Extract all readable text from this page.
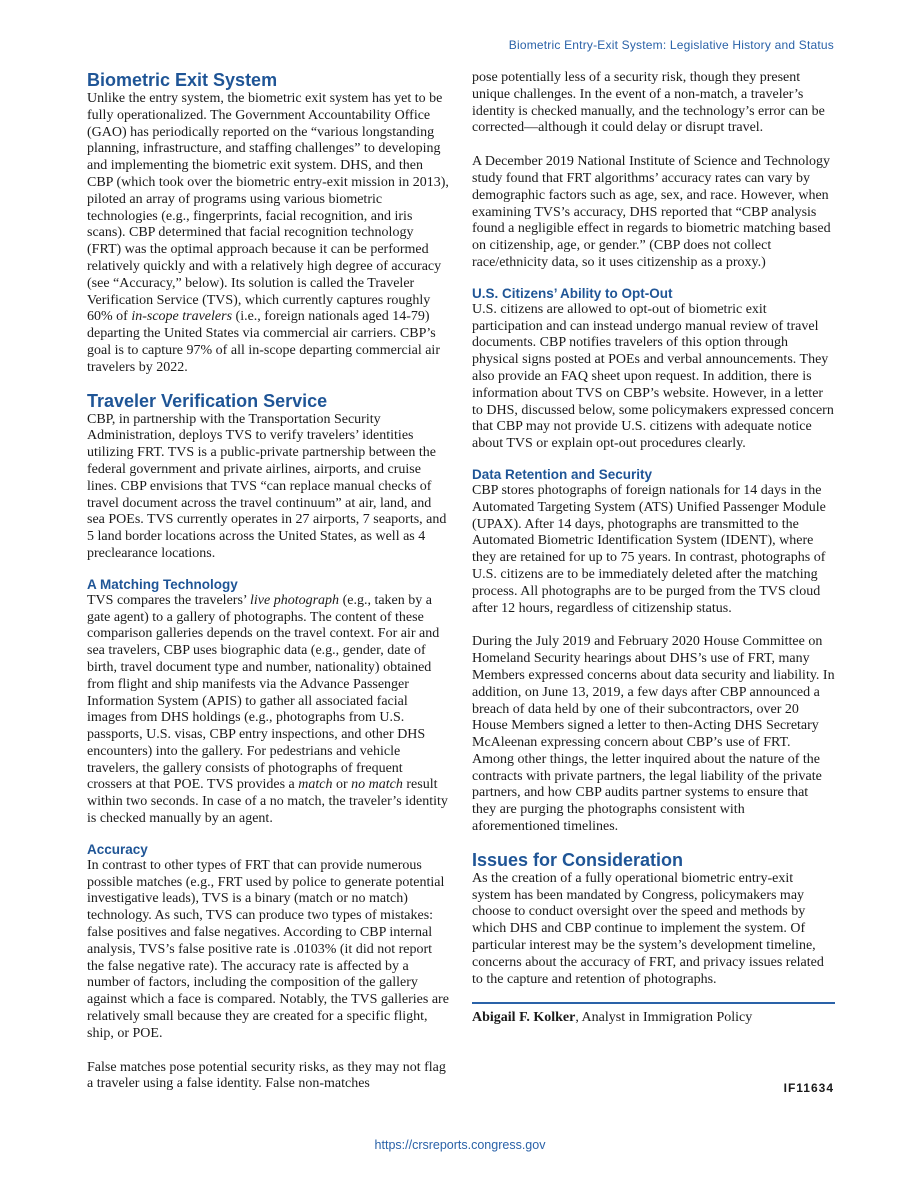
Biometric Entry-Exit System: Legislative History and Status
Biometric Exit System

Unlike the entry system, the biometric exit system has yet to be fully operationalized. The Government Accountability Office (GAO) has periodically reported on the “various longstanding planning, infrastructure, and staffing challenges” to developing and implementing the biometric exit system. DHS, and then CBP (which took over the biometric entry-exit mission in 2013), piloted an array of programs using various biometric technologies (e.g., fingerprints, facial recognition, and iris scans). CBP determined that facial recognition technology (FRT) was the optimal approach because it can be performed relatively quickly and with a relatively high degree of accuracy (see “Accuracy,” below). Its solution is called the Traveler Verification Service (TVS), which currently captures roughly 60% of in-scope travelers (i.e., foreign nationals aged 14-79) departing the United States via commercial air carriers. CBP’s goal is to capture 97% of all in-scope departing commercial air travelers by 2022.

Traveler Verification Service

CBP, in partnership with the Transportation Security Administration, deploys TVS to verify travelers’ identities utilizing FRT. TVS is a public-private partnership between the federal government and private airlines, airports, and cruise lines. CBP envisions that TVS “can replace manual checks of travel document across the travel continuum” at air, land, and sea POEs. TVS currently operates in 27 airports, 7 seaports, and 5 land border locations across the United States, as well as 4 preclearance locations.

A Matching Technology

TVS compares the travelers’ live photograph (e.g., taken by a gate agent) to a gallery of photographs. The content of these comparison galleries depends on the travel context. For air and sea travelers, CBP uses biographic data (e.g., gender, date of birth, travel document type and number, nationality) obtained from flight and ship manifests via the Advance Passenger Information System (APIS) to gather all associated facial images from DHS holdings (e.g., photographs from U.S. passports, U.S. visas, CBP entry inspections, and other DHS encounters) into the gallery. For pedestrians and vehicle travelers, the gallery consists of photographs of frequent crossers at that POE. TVS provides a match or no match result within two seconds. In case of a no match, the traveler’s identity is checked manually by an agent.

Accuracy

In contrast to other types of FRT that can provide numerous possible matches (e.g., FRT used by police to generate potential investigative leads), TVS is a binary (match or no match) technology. As such, TVS can produce two types of mistakes: false positives and false negatives. According to CBP internal analysis, TVS’s false positive rate is .0103% (it did not report the false negative rate). The accuracy rate is affected by a number of factors, including the composition of the gallery against which a face is compared. Notably, the TVS galleries are relatively small because they are created for a specific flight, ship, or POE.

False matches pose potential security risks, as they may not flag a traveler using a false identity. False non-matches

pose potentially less of a security risk, though they present unique challenges. In the event of a non-match, a traveler’s identity is checked manually, and the technology’s error can be corrected—although it could delay or disrupt travel.

A December 2019 National Institute of Science and Technology study found that FRT algorithms’ accuracy rates can vary by demographic factors such as age, sex, and race. However, when examining TVS’s accuracy, DHS reported that “CBP analysis found a negligible effect in regards to biometric matching based on citizenship, age, or gender.” (CBP does not collect race/ethnicity data, so it uses citizenship as a proxy.)

U.S. Citizens’ Ability to Opt-Out

U.S. citizens are allowed to opt-out of biometric exit participation and can instead undergo manual review of travel documents. CBP notifies travelers of this option through physical signs posted at POEs and verbal announcements. They also provide an FAQ sheet upon request. In addition, there is information about TVS on CBP’s website. However, in a letter to DHS, discussed below, some policymakers expressed concern that CBP may not provide U.S. citizens with adequate notice about TVS or explain opt-out procedures clearly.

Data Retention and Security

CBP stores photographs of foreign nationals for 14 days in the Automated Targeting System (ATS) Unified Passenger Module (UPAX). After 14 days, photographs are transmitted to the Automated Biometric Identification System (IDENT), where they are retained for up to 75 years. In contrast, photographs of U.S. citizens are to be immediately deleted after the matching process. All photographs are to be purged from the TVS cloud after 12 hours, regardless of citizenship status.

During the July 2019 and February 2020 House Committee on Homeland Security hearings about DHS’s use of FRT, many Members expressed concerns about data security and liability. In addition, on June 13, 2019, a few days after CBP announced a breach of data held by one of their subcontractors, over 20 House Members signed a letter to then-Acting DHS Secretary McAleenan expressing concern about CBP’s use of FRT. Among other things, the letter inquired about the nature of the contracts with private partners, the legal liability of the private partners, and how CBP audits partner systems to ensure that they are purging the photographs consistent with aforementioned timelines.

Issues for Consideration

As the creation of a fully operational biometric entry-exit system has been mandated by Congress, policymakers may choose to conduct oversight over the speed and methods by which DHS and CBP continue to implement the system. Of particular interest may be the system’s development timeline, concerns about the accuracy of FRT, and privacy issues related to the capture and retention of photographs.

Abigail F. Kolker, Analyst in Immigration Policy
IF11634
https://crsreports.congress.gov
